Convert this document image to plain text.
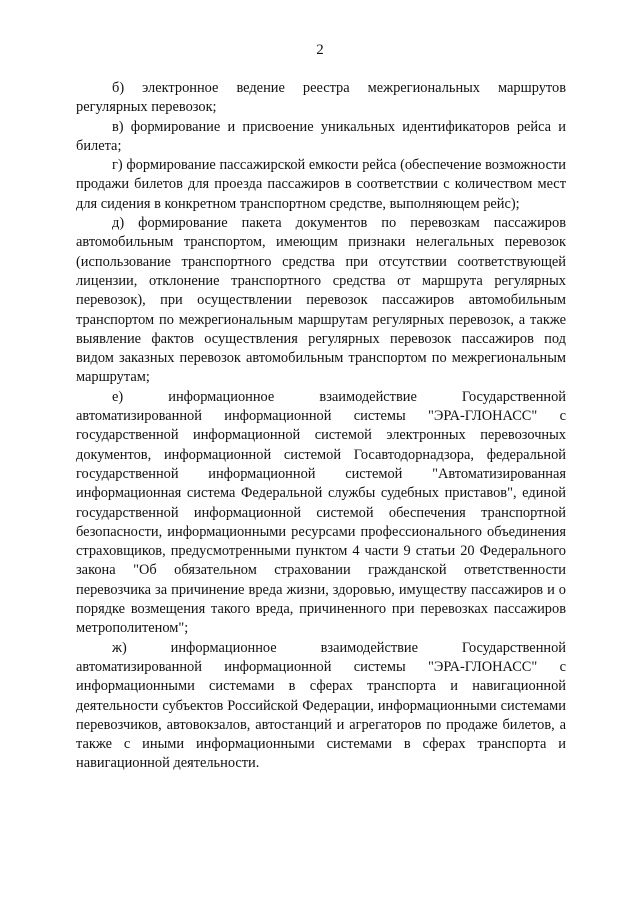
2

б) электронное ведение реестра межрегиональных маршрутов регулярных перевозок;

в) формирование и присвоение уникальных идентификаторов рейса и билета;

г) формирование пассажирской емкости рейса (обеспечение возможности продажи билетов для проезда пассажиров в соответствии с количеством мест для сидения в конкретном транспортном средстве, выполняющем рейс);

д) формирование пакета документов по перевозкам пассажиров автомобильным транспортом, имеющим признаки нелегальных перевозок (использование транспортного средства при отсутствии соответствующей лицензии, отклонение транспортного средства от маршрута регулярных перевозок), при осуществлении перевозок пассажиров автомобильным транспортом по межрегиональным маршрутам регулярных перевозок, а также выявление фактов осуществления регулярных перевозок пассажиров под видом заказных перевозок автомобильным транспортом по межрегиональным маршрутам;

е) информационное взаимодействие Государственной автоматизированной информационной системы "ЭРА-ГЛОНАСС" с государственной информационной системой электронных перевозочных документов, информационной системой Госавтодорнадзора, федеральной государственной информационной системой "Автоматизированная информационная система Федеральной службы судебных приставов", единой государственной информационной системой обеспечения транспортной безопасности, информационными ресурсами профессионального объединения страховщиков, предусмотренными пунктом 4 части 9 статьи 20 Федерального закона "Об обязательном страховании гражданской ответственности перевозчика за причинение вреда жизни, здоровью, имуществу пассажиров и о порядке возмещения такого вреда, причиненного при перевозках пассажиров метрополитеном";

ж) информационное взаимодействие Государственной автоматизированной информационной системы "ЭРА-ГЛОНАСС" с информационными системами в сферах транспорта и навигационной деятельности субъектов Российской Федерации, информационными системами перевозчиков, автовокзалов, автостанций и агрегаторов по продаже билетов, а также с иными информационными системами в сферах транспорта и навигационной деятельности.
